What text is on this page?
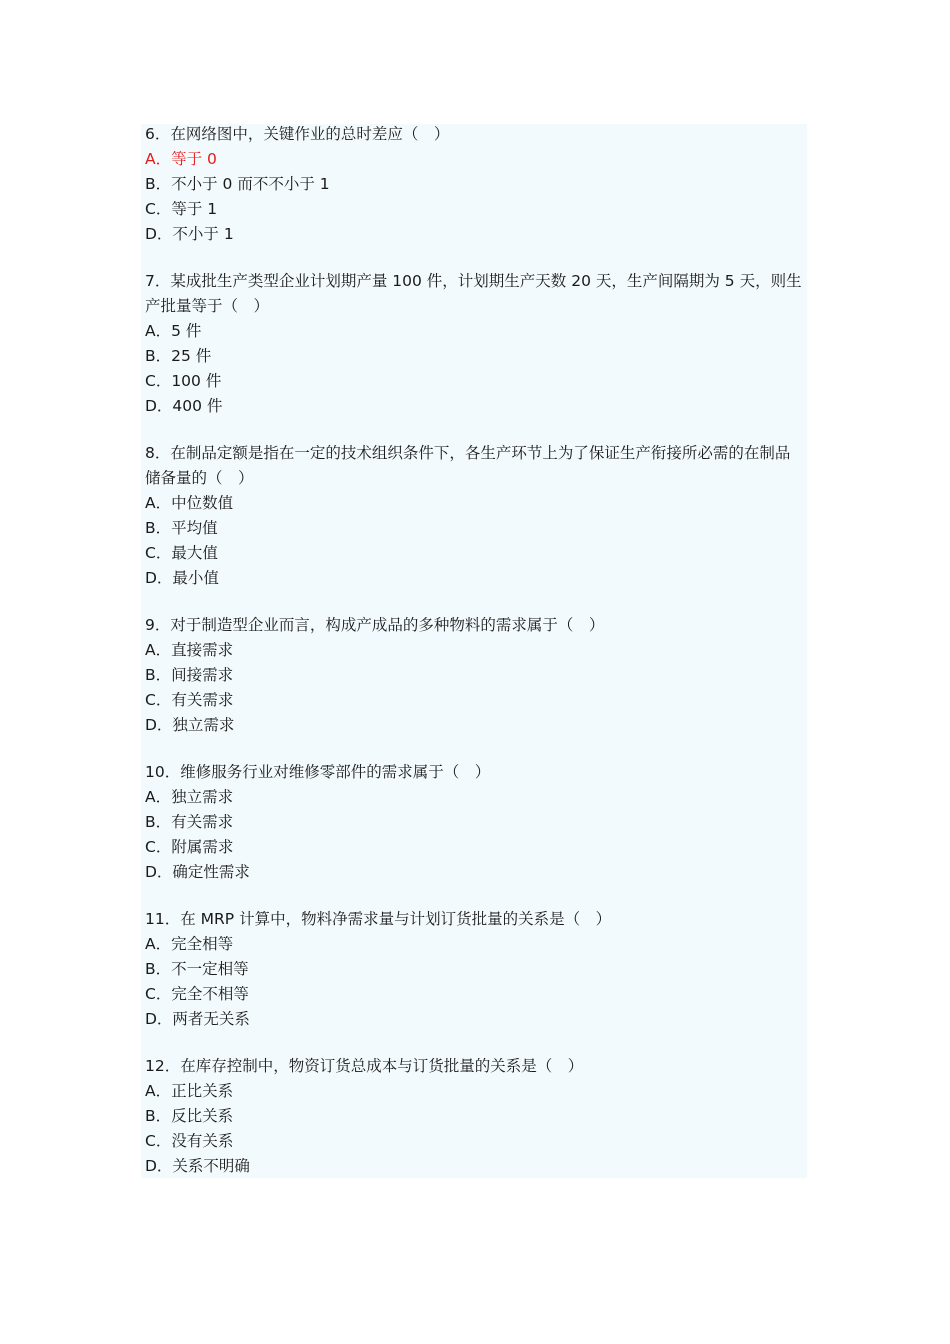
6．在网络图中，关键作业的总时差应（　）
A．等于 0
B．不小于 0 而不不小于 1
C．等于 1
D．不小于 1
7．某成批生产类型企业计划期产量 100 件，计划期生产天数 20 天，生产间隔期为 5 天，则生产批量等于（　）
A．5 件
B．25 件
C．100 件
D．400 件
8．在制品定额是指在一定的技术组织条件下，各生产环节上为了保证生产衔接所必需的在制品储备量的（　）
A．中位数值
B．平均值
C．最大值
D．最小值
9．对于制造型企业而言，构成产成品的多种物料的需求属于（　）
A．直接需求
B．间接需求
C．有关需求
D．独立需求
10．维修服务行业对维修零部件的需求属于（　）
A．独立需求
B．有关需求
C．附属需求
D．确定性需求
11．在 MRP 计算中，物料净需求量与计划订货批量的关系是（　）
A．完全相等
B．不一定相等
C．完全不相等
D．两者无关系
12．在库存控制中，物资订货总成本与订货批量的关系是（　）
A．正比关系
B．反比关系
C．没有关系
D．关系不明确
